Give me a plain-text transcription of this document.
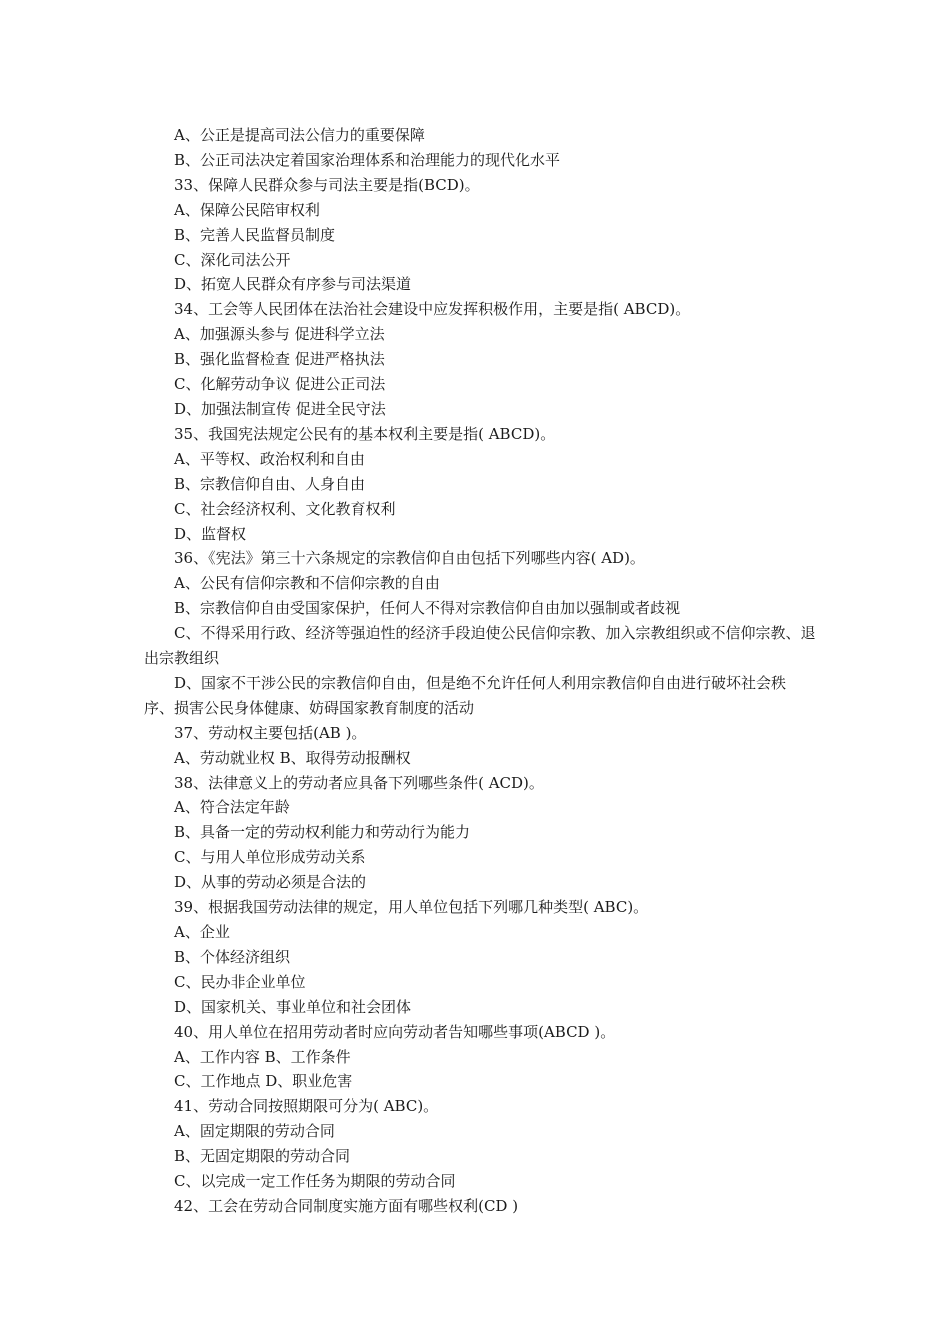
A、公正是提高司法公信力的重要保障

B、公正司法决定着国家治理体系和治理能力的现代化水平

33、保障人民群众参与司法主要是指(BCD)。

A、保障公民陪审权利

B、完善人民监督员制度

C、深化司法公开

D、拓宽人民群众有序参与司法渠道

34、工会等人民团体在法治社会建设中应发挥积极作用，主要是指( ABCD)。

A、加强源头参与 促进科学立法

B、强化监督检查 促进严格执法

C、化解劳动争议 促进公正司法

D、加强法制宣传 促进全民守法

35、我国宪法规定公民有的基本权利主要是指( ABCD)。

A、平等权、政治权利和自由

B、宗教信仰自由、人身自由

C、社会经济权利、文化教育权利

D、监督权

36、《宪法》第三十六条规定的宗教信仰自由包括下列哪些内容( AD)。

A、公民有信仰宗教和不信仰宗教的自由

B、宗教信仰自由受国家保护，任何人不得对宗教信仰自由加以强制或者歧视

C、不得采用行政、经济等强迫性的经济手段迫使公民信仰宗教、加入宗教组织或不信仰宗教、退出宗教组织

D、国家不干涉公民的宗教信仰自由，但是绝不允许任何人利用宗教信仰自由进行破坏社会秩序、损害公民身体健康、妨碍国家教育制度的活动

37、劳动权主要包括(AB )。

A、劳动就业权 B、取得劳动报酬权

38、法律意义上的劳动者应具备下列哪些条件( ACD)。

A、符合法定年龄

B、具备一定的劳动权利能力和劳动行为能力

C、与用人单位形成劳动关系

D、从事的劳动必须是合法的

39、根据我国劳动法律的规定，用人单位包括下列哪几种类型( ABC)。

A、企业

B、个体经济组织

C、民办非企业单位

D、国家机关、事业单位和社会团体

40、用人单位在招用劳动者时应向劳动者告知哪些事项(ABCD )。

A、工作内容 B、工作条件

C、工作地点 D、职业危害

41、劳动合同按照期限可分为( ABC)。

A、固定期限的劳动合同

B、无固定期限的劳动合同

C、以完成一定工作任务为期限的劳动合同

42、工会在劳动合同制度实施方面有哪些权利(CD )
